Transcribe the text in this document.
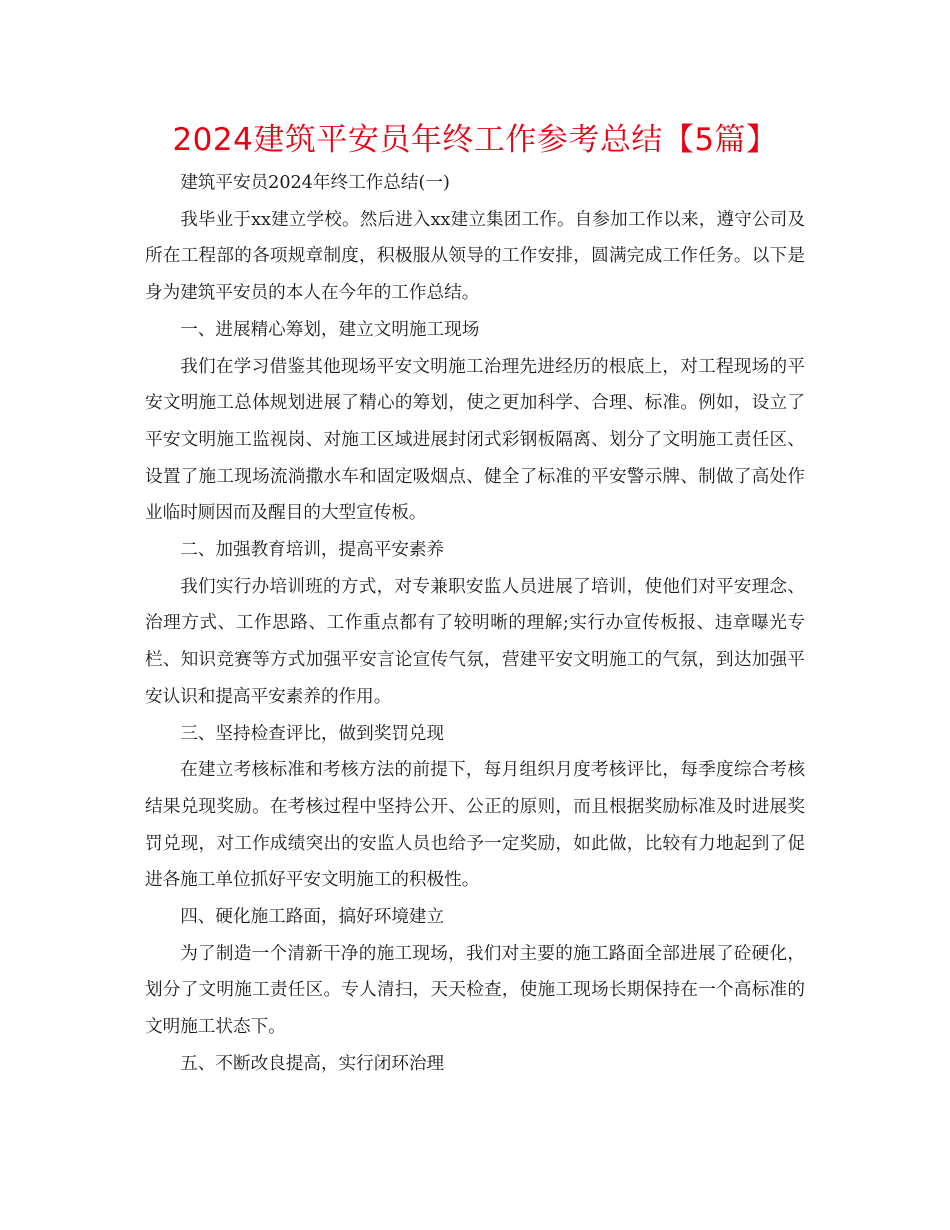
2024建筑平安员年终工作参考总结【5篇】

建筑平安员2024年终工作总结(一)

我毕业于xx建立学校。然后进入xx建立集团工作。自参加工作以来，遵守公司及所在工程部的各项规章制度，积极服从领导的工作安排，圆满完成工作任务。以下是身为建筑平安员的本人在今年的工作总结。

一、进展精心筹划，建立文明施工现场

我们在学习借鉴其他现场平安文明施工治理先进经历的根底上，对工程现场的平安文明施工总体规划进展了精心的筹划，使之更加科学、合理、标准。例如，设立了平安文明施工监视岗、对施工区域进展封闭式彩钢板隔离、划分了文明施工责任区、设置了施工现场流淌撒水车和固定吸烟点、健全了标准的平安警示牌、制做了高处作业临时厕因而及醒目的大型宣传板。

二、加强教育培训，提高平安素养

我们实行办培训班的方式，对专兼职安监人员进展了培训，使他们对平安理念、治理方式、工作思路、工作重点都有了较明晰的理解;实行办宣传板报、违章曝光专栏、知识竞赛等方式加强平安言论宣传气氛，营建平安文明施工的气氛，到达加强平安认识和提高平安素养的作用。

三、坚持检查评比，做到奖罚兑现

在建立考核标准和考核方法的前提下，每月组织月度考核评比，每季度综合考核结果兑现奖励。在考核过程中坚持公开、公正的原则，而且根据奖励标准及时进展奖罚兑现，对工作成绩突出的安监人员也给予一定奖励，如此做，比较有力地起到了促进各施工单位抓好平安文明施工的积极性。

四、硬化施工路面，搞好环境建立

为了制造一个清新干净的施工现场，我们对主要的施工路面全部进展了砼硬化，划分了文明施工责任区。专人清扫，天天检查，使施工现场长期保持在一个高标准的文明施工状态下。

五、不断改良提高，实行闭环治理
